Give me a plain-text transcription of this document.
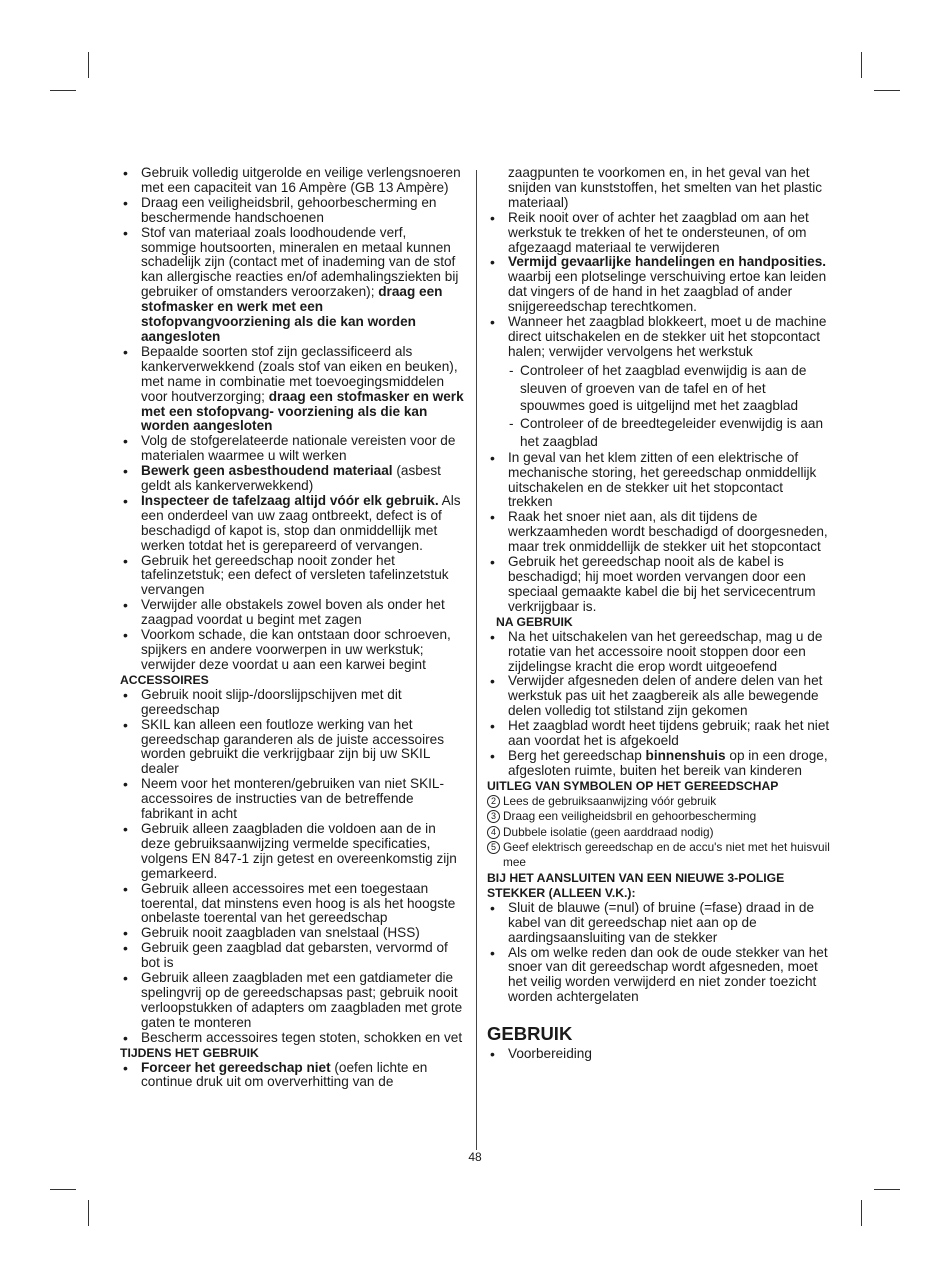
• Gebruik volledig uitgerolde en veilige verlengsnoeren met een capaciteit van 16 Ampère (GB 13 Ampère)
• Draag een veiligheidsbril, gehoorbescherming en beschermende handschoenen
• Stof van materiaal zoals loodhoudende verf, sommige houtsoorten, mineralen en metaal kunnen schadelijk zijn (contact met of inademing van de stof kan allergische reacties en/of ademhalingsziekten bij gebruiker of omstanders veroorzaken); draag een stofmasker en werk met een stofopvangvoorziening als die kan worden aangesloten
• Bepaalde soorten stof zijn geclassificeerd als kankerverwekkend (zoals stof van eiken en beuken), met name in combinatie met toevoegingsmiddelen voor houtverzorging; draag een stofmasker en werk met een stofopvang- voorziening als die kan worden aangesloten
• Volg de stofgerelateerde nationale vereisten voor de materialen waarmee u wilt werken
• Bewerk geen asbesthoudend materiaal (asbest geldt als kankerverwekkend)
• Inspecteer de tafelzaag altijd vóór elk gebruik. Als een onderdeel van uw zaag ontbreekt, defect is of beschadigd of kapot is, stop dan onmiddellijk met werken totdat het is gerepareerd of vervangen.
• Gebruik het gereedschap nooit zonder het tafelinzetstuk; een defect of versleten tafelinzetstuk vervangen
• Verwijder alle obstakels zowel boven als onder het zaagpad voordat u begint met zagen
• Voorkom schade, die kan ontstaan door schroeven, spijkers en andere voorwerpen in uw werkstuk; verwijder deze voordat u aan een karwei begint
ACCESSOIRES
• Gebruik nooit slijp-/doorslijpschijven met dit gereedschap
• SKIL kan alleen een foutloze werking van het gereedschap garanderen als de juiste accessoires worden gebruikt die verkrijgbaar zijn bij uw SKIL dealer
• Neem voor het monteren/gebruiken van niet SKIL-accessoires de instructies van de betreffende fabrikant in acht
• Gebruik alleen zaagbladen die voldoen aan de in deze gebruiksaanwijzing vermelde specificaties, volgens EN 847-1 zijn getest en overeenkomstig zijn gemarkeerd.
• Gebruik alleen accessoires met een toegestaan toerental, dat minstens even hoog is als het hoogste onbelaste toerental van het gereedschap
• Gebruik nooit zaagbladen van snelstaal (HSS)
• Gebruik geen zaagblad dat gebarsten, vervormd of bot is
• Gebruik alleen zaagbladen met een gatdiameter die spelingvrij op de gereedschapsas past; gebruik nooit verloopstukken of adapters om zaagbladen met grote gaten te monteren
• Bescherm accessoires tegen stoten, schokken en vet
TIJDENS HET GEBRUIK
• Forceer het gereedschap niet (oefen lichte en continue druk uit om oververhitting van de
zaagpunten te voorkomen en, in het geval van het snijden van kunststoffen, het smelten van het plastic materiaal)
• Reik nooit over of achter het zaagblad om aan het werkstuk te trekken of het te ondersteunen, of om afgezaagd materiaal te verwijderen
• Vermijd gevaarlijke handelingen en handposities. waarbij een plotselinge verschuiving ertoe kan leiden dat vingers of de hand in het zaagblad of ander snijgereedschap terechtkomen.
• Wanneer het zaagblad blokkeert, moet u de machine direct uitschakelen en de stekker uit het stopcontact halen; verwijder vervolgens het werkstuk
- Controleer of het zaagblad evenwijdig is aan de sleuven of groeven van de tafel en of het spouwmes goed is uitgelijnd met het zaagblad
- Controleer of de breedtegeleider evenwijdig is aan het zaagblad
• In geval van het klem zitten of een elektrische of mechanische storing, het gereedschap onmiddellijk uitschakelen en de stekker uit het stopcontact trekken
• Raak het snoer niet aan, als dit tijdens de werkzaamheden wordt beschadigd of doorgesneden, maar trek onmiddellijk de stekker uit het stopcontact
• Gebruik het gereedschap nooit als de kabel is beschadigd; hij moet worden vervangen door een speciaal gemaakte kabel die bij het servicecentrum verkrijgbaar is.
NA GEBRUIK
• Na het uitschakelen van het gereedschap, mag u de rotatie van het accessoire nooit stoppen door een zijdelingse kracht die erop wordt uitgeoefend
• Verwijder afgesneden delen of andere delen van het werkstuk pas uit het zaagbereik als alle bewegende delen volledig tot stilstand zijn gekomen
• Het zaagblad wordt heet tijdens gebruik; raak het niet aan voordat het is afgekoeld
• Berg het gereedschap binnenshuis op in een droge, afgesloten ruimte, buiten het bereik van kinderen
UITLEG VAN SYMBOLEN OP HET GEREEDSCHAP
2 Lees de gebruiksaanwijzing vóór gebruik
3 Draag een veiligheidsbril en gehoorbescherming
4 Dubbele isolatie (geen aarddraad nodig)
5 Geef elektrisch gereedschap en de accu's niet met het huisvuil mee
BIJ HET AANSLUITEN VAN EEN NIEUWE 3-POLIGE STEKKER (ALLEEN V.K.):
• Sluit de blauwe (=nul) of bruine (=fase) draad in de kabel van dit gereedschap niet aan op de aardingsaansluiting van de stekker
• Als om welke reden dan ook de oude stekker van het snoer van dit gereedschap wordt afgesneden, moet het veilig worden verwijderd en niet zonder toezicht worden achtergelaten
GEBRUIK
• Voorbereiding
48
